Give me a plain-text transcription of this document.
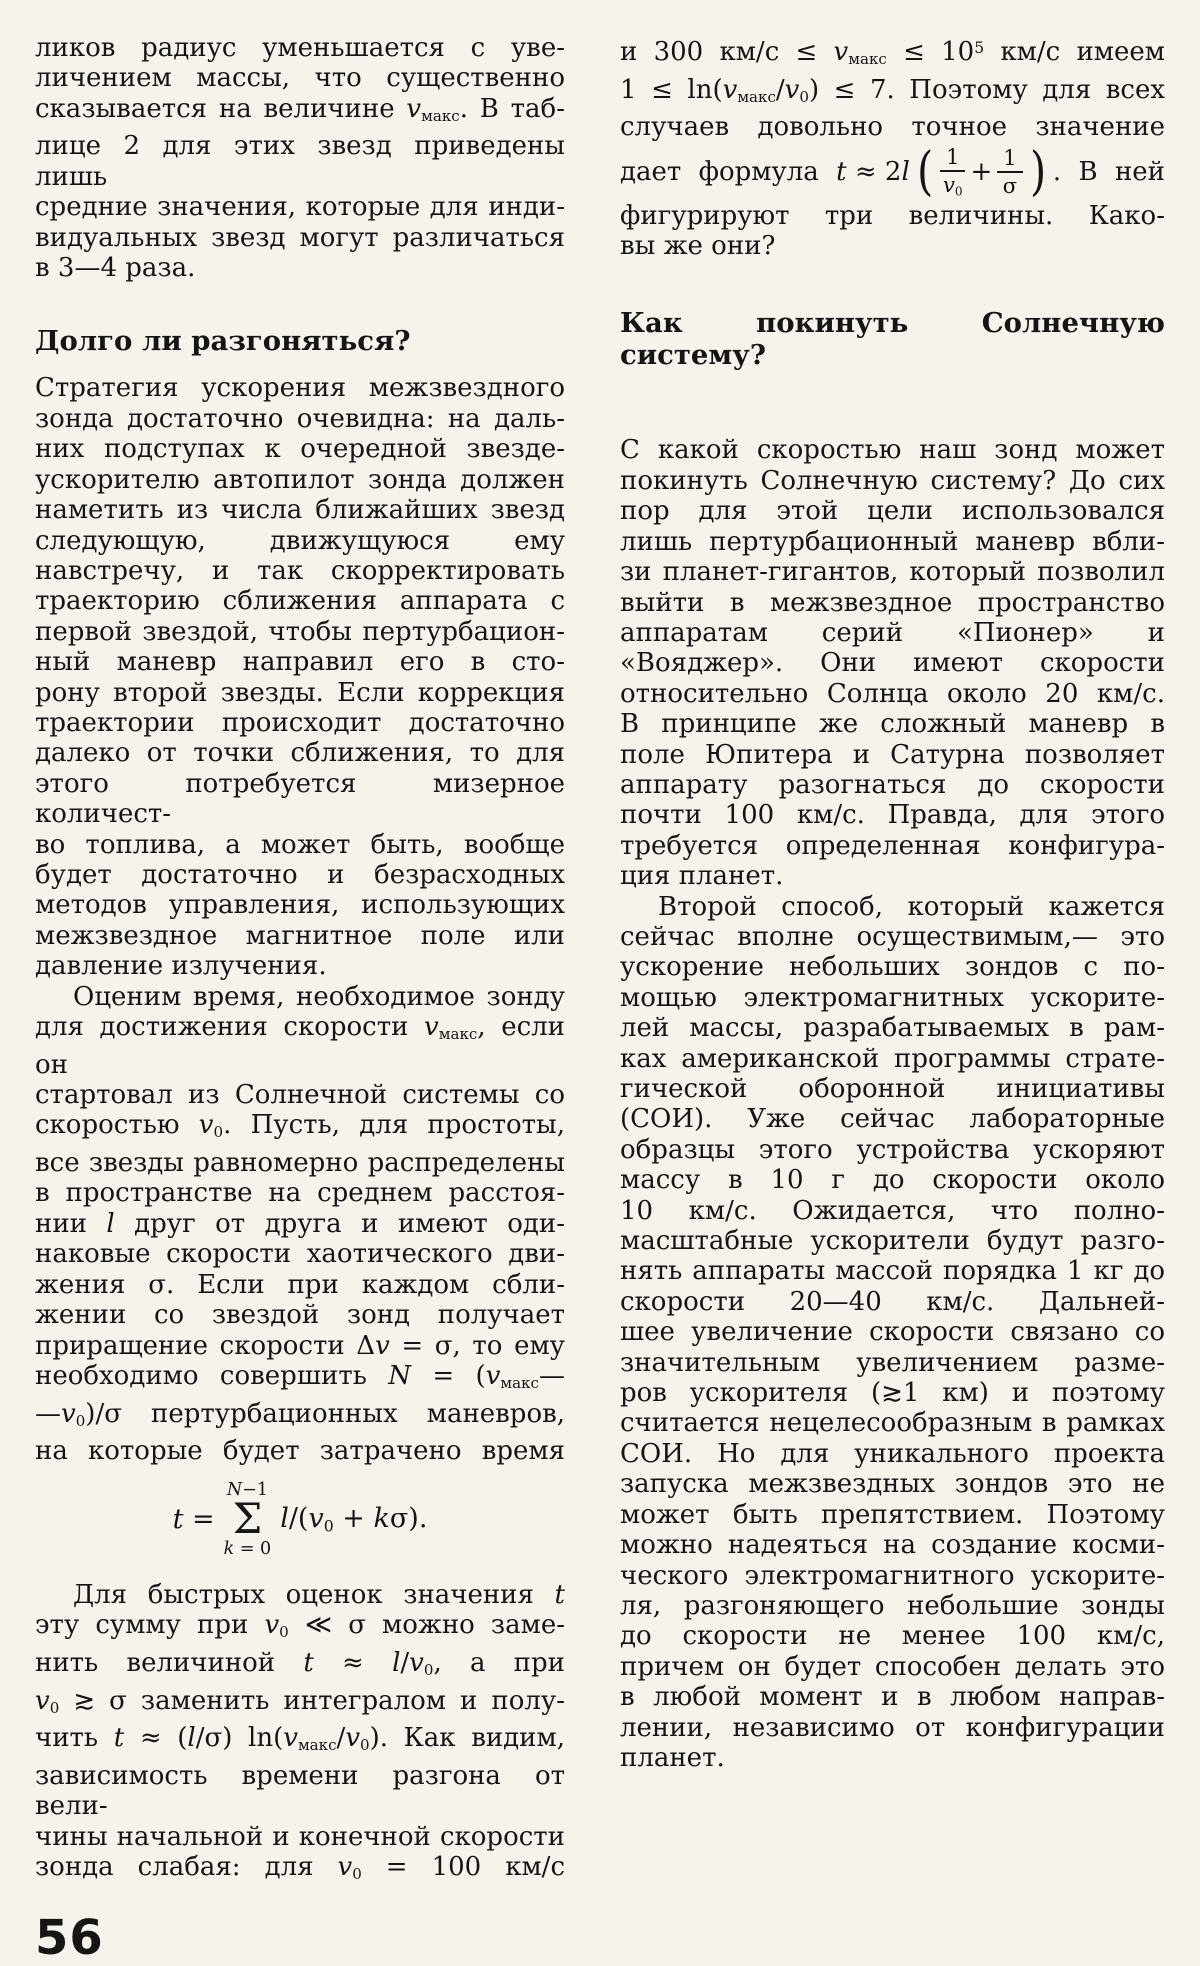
ликов радиус уменьшается с уве-
личением массы, что существенно
сказывается на величине $v_{макс}$. В таб-
лице 2 для этих звезд приведены лишь
средние значения, которые для инди-
видуальных звезд могут различаться
в 3—4 раза.
Долго ли разгоняться?
Стратегия ускорения межзвездного
зонда достаточно очевидна: на даль-
них подступах к очередной звезде-
ускорителю автопилот зонда должен
наметить из числа ближайших звезд
следующую, движущуюся ему
навстречу, и так скорректировать
траекторию сближения аппарата с
первой звездой, чтобы пертурбацион-
ный маневр направил его в сто-
рону второй звезды. Если коррекция
траектории происходит достаточно
далеко от точки сближения, то для
этого потребуется мизерное количест-
во топлива, а может быть, вообще
будет достаточно и безрасходных
методов управления, использующих
межзвездное магнитное поле или
давление излучения.
Оценим время, необходимое зонду
для достижения скорости $v_{макс}$, если он
стартовал из Солнечной системы со
скоростью $v_0$. Пусть, для простоты,
все звезды равномерно распределены
в пространстве на среднем расстоя-
нии l друг от друга и имеют оди-
наковые скорости хаотического дви-
жения σ. Если при каждом сбли-
жении со звездой зонд получает
приращение скорости Δv = σ, то ему
необходимо совершить $N = (v_{макс}—$
$—v_0)/\sigma$ пертурбационных маневров,
на которые будет затрачено время
t =
N−1
Σ
k = 0
$l/(v_0 + k\sigma)$.
Для быстрых оценок значения t
эту сумму при $v_0$ ≪ σ можно заме-
нить величиной $t \approx l/v_0$, а при
$v_0$ ≳ σ заменить интегралом и полу-
чить t ≈ (l/σ) $\ln(v_{макс}/v_0)$. Как видим,
зависимость времени разгона от вели-
чины начальной и конечной скорости
зонда слабая: для $v_0 = 100$ км/с
56
и 300 $км/с \le v_{макс} \le 10^5$ км/с имеем
$1 \le \ln(v_{макс}/v_0) \le 7$. Поэтому для всех
случаев довольно точное значение
дает формула t ≈ 2l ( $\frac{1}{v_0} + \frac{1}{\sigma}$ ) . В ней
фигурируют три величины. Како-
вы же они?
Как покинуть Солнечную систему?
С какой скоростью наш зонд может
покинуть Солнечную систему? До сих
пор для этой цели использовался
лишь пертурбационный маневр вбли-
зи планет-гигантов, который позволил
выйти в межзвездное пространство
аппаратам серий «Пионер» и
«Вояджер». Они имеют скорости
относительно Солнца около 20 км/с.
В принципе же сложный маневр в
поле Юпитера и Сатурна позволяет
аппарату разогнаться до скорости
почти 100 км/с. Правда, для этого
требуется определенная конфигура-
ция планет.
Второй способ, который кажется
сейчас вполне осуществимым,— это
ускорение небольших зондов с по-
мощью электромагнитных ускорите-
лей массы, разрабатываемых в рам-
ках американской программы страте-
гической оборонной инициативы
(СОИ). Уже сейчас лабораторные
образцы этого устройства ускоряют
массу в 10 г до скорости около
10 км/с. Ожидается, что полно-
масштабные ускорители будут разго-
нять аппараты массой порядка 1 кг до
скорости 20—40 км/с. Дальней-
шее увеличение скорости связано со
значительным увеличением разме-
ров ускорителя (≳1 км) и поэтому
считается нецелесообразным в рамках
СОИ. Но для уникального проекта
запуска межзвездных зондов это не
может быть препятствием. Поэтому
можно надеяться на создание косми-
ческого электромагнитного ускорите-
ля, разгоняющего небольшие зонды
до скорости не менее 100 км/с,
причем он будет способен делать это
в любой момент и в любом направ-
лении, независимо от конфигурации
планет.
